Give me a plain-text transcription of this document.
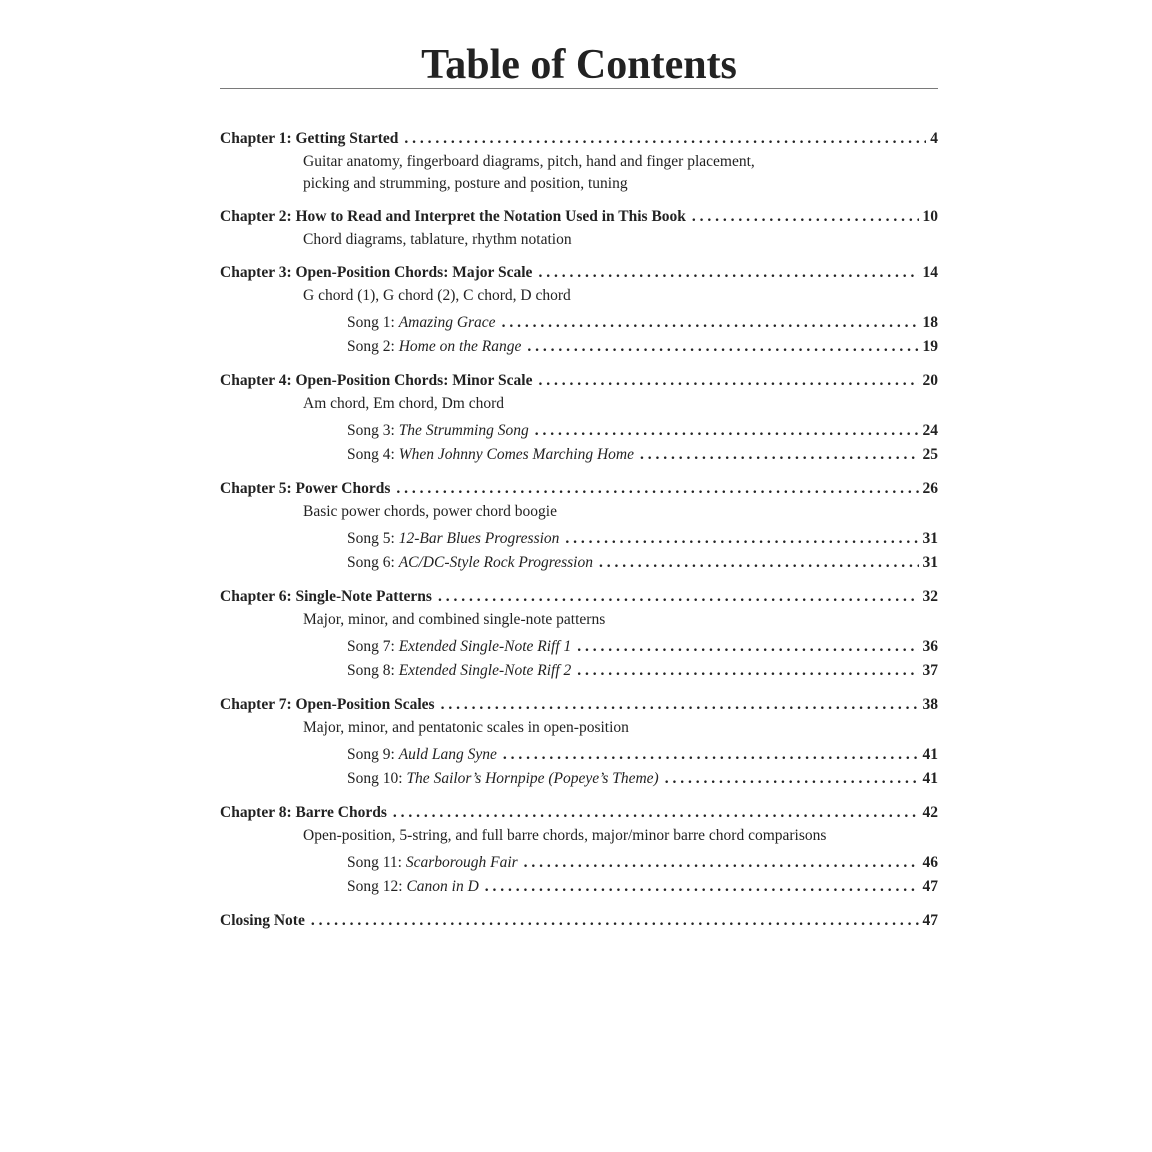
Table of Contents
Chapter 1: Getting Started . . .	4
Guitar anatomy, fingerboard diagrams, pitch, hand and finger placement,
picking and strumming, posture and position, tuning
Chapter 2: How to Read and Interpret the Notation Used in This Book . . .	10
Chord diagrams, tablature, rhythm notation
Chapter 3: Open-Position Chords: Major Scale . . .	14
G chord (1), G chord (2), C chord, D chord
Song 1: Amazing Grace . . .	18
Song 2: Home on the Range . . .	19
Chapter 4: Open-Position Chords: Minor Scale . . .	20
Am chord, Em chord, Dm chord
Song 3: The Strumming Song . . .	24
Song 4: When Johnny Comes Marching Home . . .	25
Chapter 5: Power Chords . . .	26
Basic power chords, power chord boogie
Song 5: 12-Bar Blues Progression . . .	31
Song 6: AC/DC-Style Rock Progression . . .	31
Chapter 6: Single-Note Patterns . . .	32
Major, minor, and combined single-note patterns
Song 7: Extended Single-Note Riff 1 . . .	36
Song 8: Extended Single-Note Riff 2 . . .	37
Chapter 7: Open-Position Scales . . .	38
Major, minor, and pentatonic scales in open-position
Song 9: Auld Lang Syne . . .	41
Song 10: The Sailor’s Hornpipe (Popeye’s Theme) . . .	41
Chapter 8: Barre Chords . . .	42
Open-position, 5-string, and full barre chords, major/minor barre chord comparisons
Song 11: Scarborough Fair . . .	46
Song 12: Canon in D . . .	47
Closing Note . . .	47
